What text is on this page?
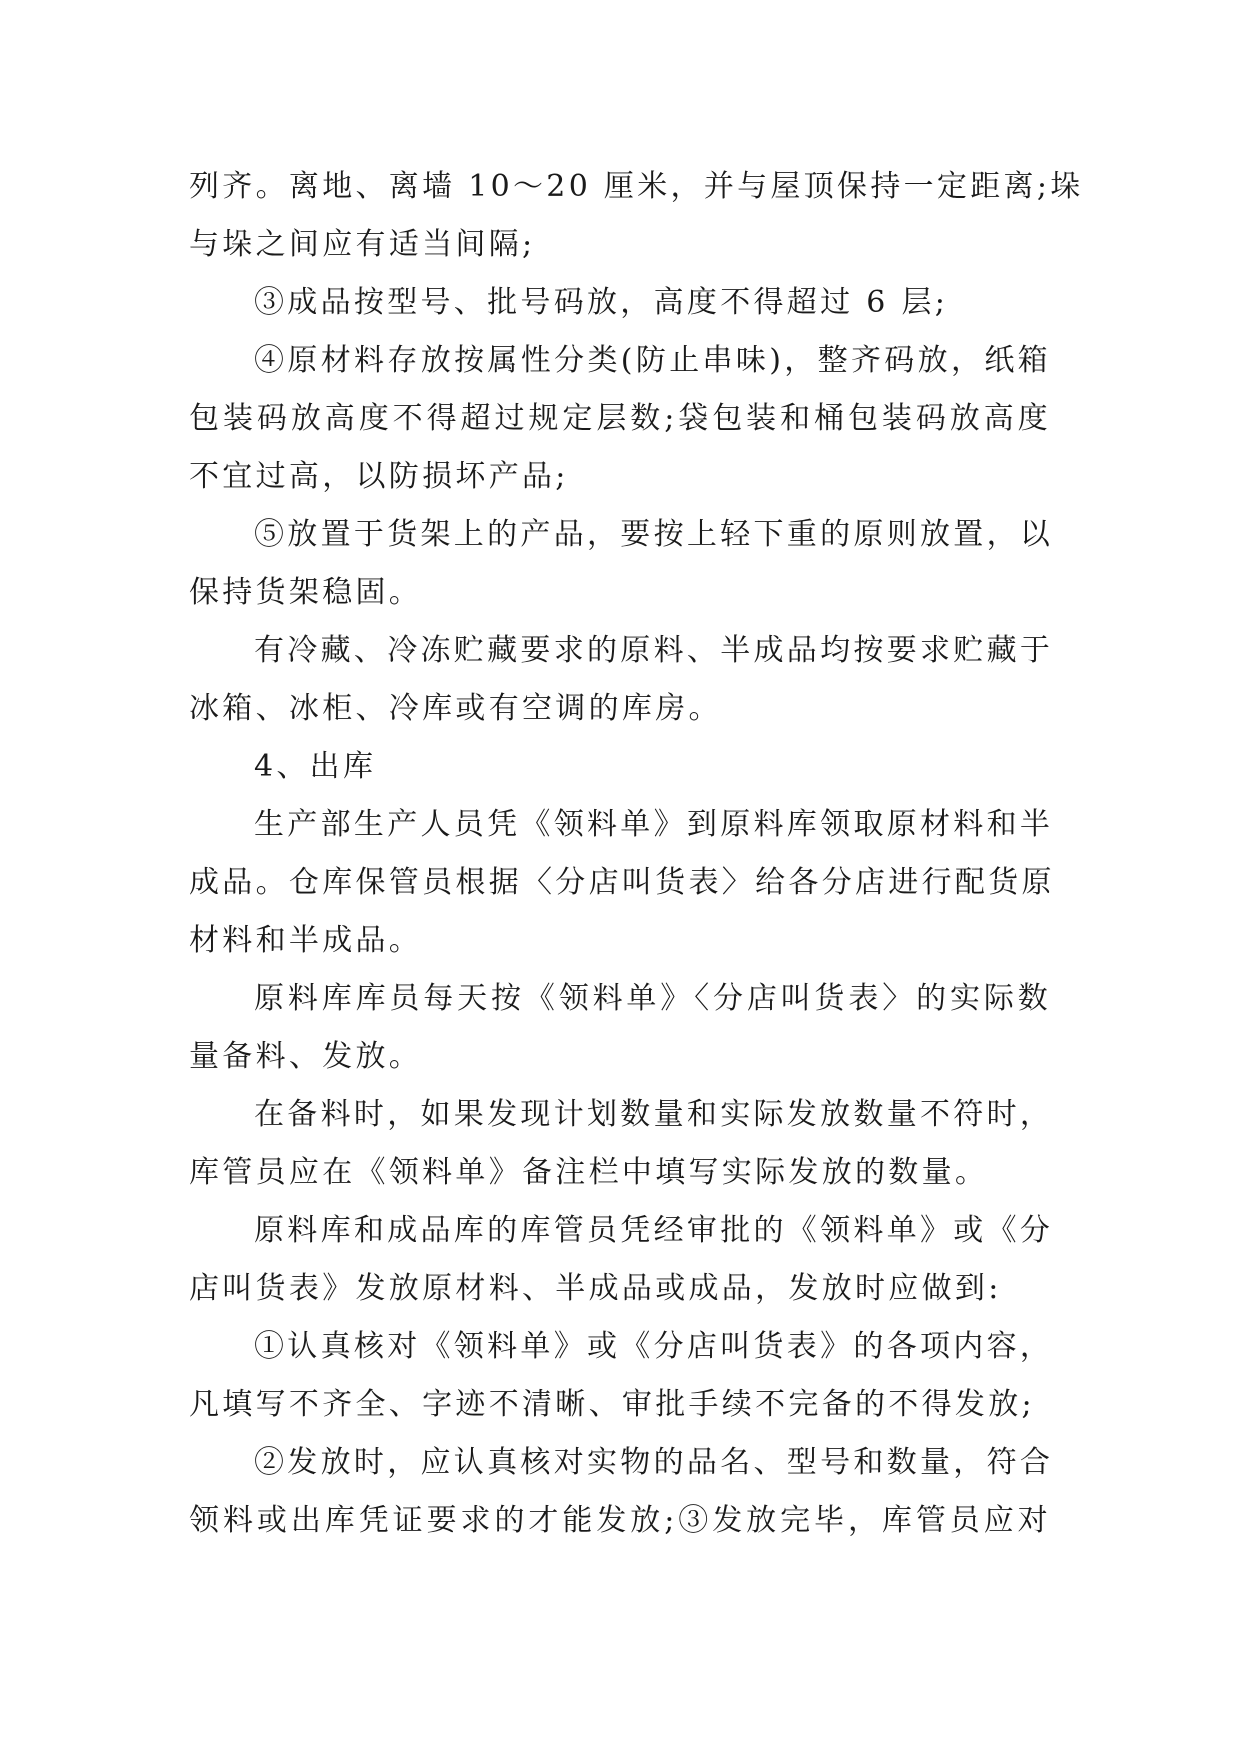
列齐。离地、离墙 10～20 厘米，并与屋顶保持一定距离;垛
与垛之间应有适当间隔;
③成品按型号、批号码放，高度不得超过 6 层;
④原材料存放按属性分类(防止串味)，整齐码放，纸箱
包装码放高度不得超过规定层数;袋包装和桶包装码放高度
不宜过高，以防损坏产品;
⑤放置于货架上的产品，要按上轻下重的原则放置，以
保持货架稳固。
有冷藏、冷冻贮藏要求的原料、半成品均按要求贮藏于
冰箱、冰柜、冷库或有空调的库房。
4、出库
生产部生产人员凭《领料单》到原料库领取原材料和半
成品。仓库保管员根据〈分店叫货表〉给各分店进行配货原
材料和半成品。
原料库库员每天按《领料单》〈分店叫货表〉的实际数
量备料、发放。
在备料时，如果发现计划数量和实际发放数量不符时，
库管员应在《领料单》备注栏中填写实际发放的数量。
原料库和成品库的库管员凭经审批的《领料单》或《分
店叫货表》发放原材料、半成品或成品，发放时应做到:
①认真核对《领料单》或《分店叫货表》的各项内容，
凡填写不齐全、字迹不清晰、审批手续不完备的不得发放;
②发放时，应认真核对实物的品名、型号和数量，符合
领料或出库凭证要求的才能发放;③发放完毕，库管员应对
